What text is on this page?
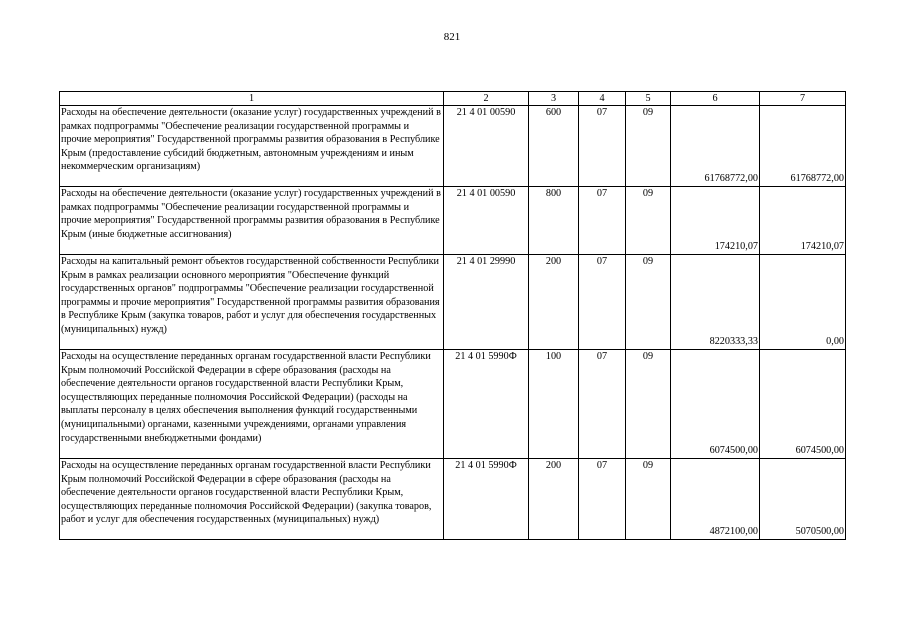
821
1	2	3	4	5	6	7
Расходы на обеспечение деятельности (оказание услуг) государственных учреждений в рамках подпрограммы "Обеспечение реализации государственной программы и прочие мероприятия" Государственной программы развития образования в Республике Крым (предоставление субсидий бюджетным, автономным учреждениям и иным некоммерческим организациям)	21 4 01 00590	600	07	09	61768772,00	61768772,00
Расходы на обеспечение деятельности (оказание услуг) государственных учреждений в рамках подпрограммы "Обеспечение реализации государственной программы и прочие мероприятия" Государственной программы развития образования в Республике Крым (иные бюджетные ассигнования)	21 4 01 00590	800	07	09	174210,07	174210,07
Расходы на капитальный ремонт объектов государственной собственности Республики Крым в рамках реализации основного мероприятия "Обеспечение функций государственных органов" подпрограммы "Обеспечение реализации государственной программы и прочие мероприятия" Государственной программы развития образования в Республике Крым (закупка товаров, работ и услуг для обеспечения государственных (муниципальных) нужд)	21 4 01 29990	200	07	09	8220333,33	0,00
Расходы на осуществление переданных органам государственной власти Республики Крым полномочий Российской Федерации в сфере образования (расходы на обеспечение деятельности органов государственной власти Республики Крым, осуществляющих переданные полномочия Российской Федерации) (расходы на выплаты персоналу в целях обеспечения выполнения функций государственными (муниципальными) органами, казенными учреждениями, органами управления государственными внебюджетными фондами)	21 4 01 5990Ф	100	07	09	6074500,00	6074500,00
Расходы на осуществление переданных органам государственной власти Республики Крым полномочий Российской Федерации в сфере образования (расходы на обеспечение деятельности органов государственной власти Республики Крым, осуществляющих переданные полномочия Российской Федерации) (закупка товаров, работ и услуг для обеспечения государственных (муниципальных) нужд)	21 4 01 5990Ф	200	07	09	4872100,00	5070500,00
